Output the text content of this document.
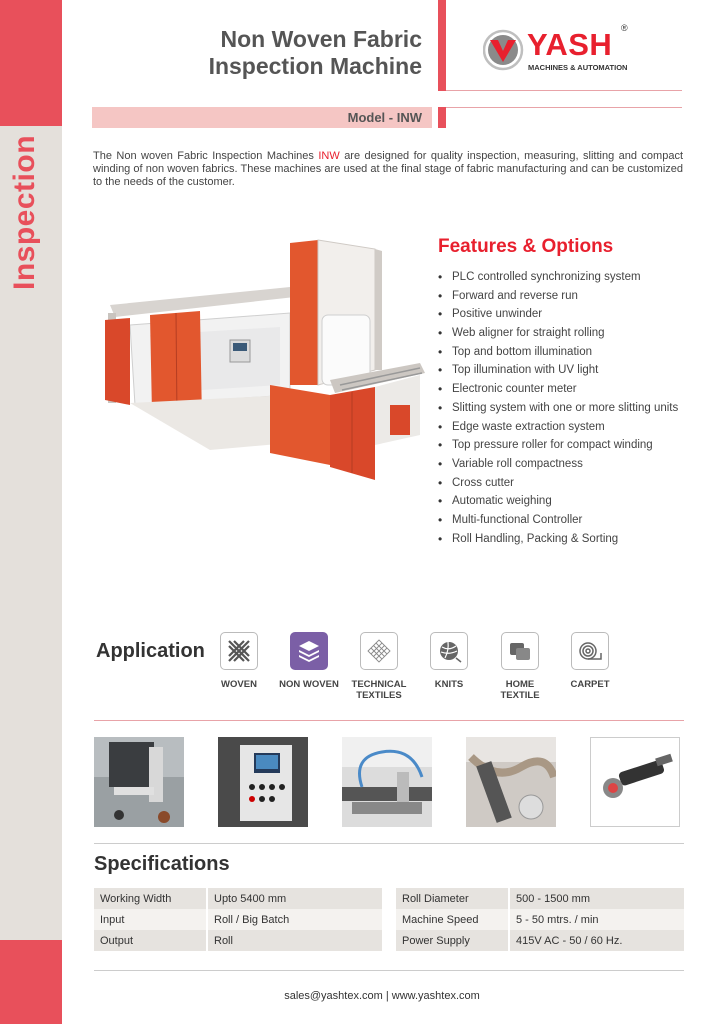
Inspection
Non Woven Fabric
Inspection Machine
YASH
MACHINES & AUTOMATION
®
Model - INW
The Non woven Fabric Inspection Machines INW are designed for quality inspection, measuring, slitting and compact winding of non woven fabrics. These machines are used at the final stage of fabric manufacturing and can be customized to the needs of the customer.
Features & Options
• PLC controlled synchronizing system
• Forward and reverse run
• Positive unwinder
• Web aligner for straight rolling
• Top and bottom illumination
• Top illumination with UV light
• Electronic counter meter
• Slitting system with one or more slitting units
• Edge waste extraction system
• Top pressure roller for compact winding
• Variable roll compactness
• Cross cutter
• Automatic weighing
• Multi-functional Controller
• Roll Handling, Packing & Sorting
Application
WOVEN	NON WOVEN	TECHNICAL
TEXTILES
KNITS	HOME
TEXTILE
CARPET
Specifications
Working Width	Upto 5400 mm
Input	Roll / Big Batch
Output	Roll
Roll Diameter	500 - 1500 mm
Machine Speed	5 - 50 mtrs. / min
Power Supply	415V AC - 50 / 60 Hz.
sales@yashtex.com | www.yashtex.com
